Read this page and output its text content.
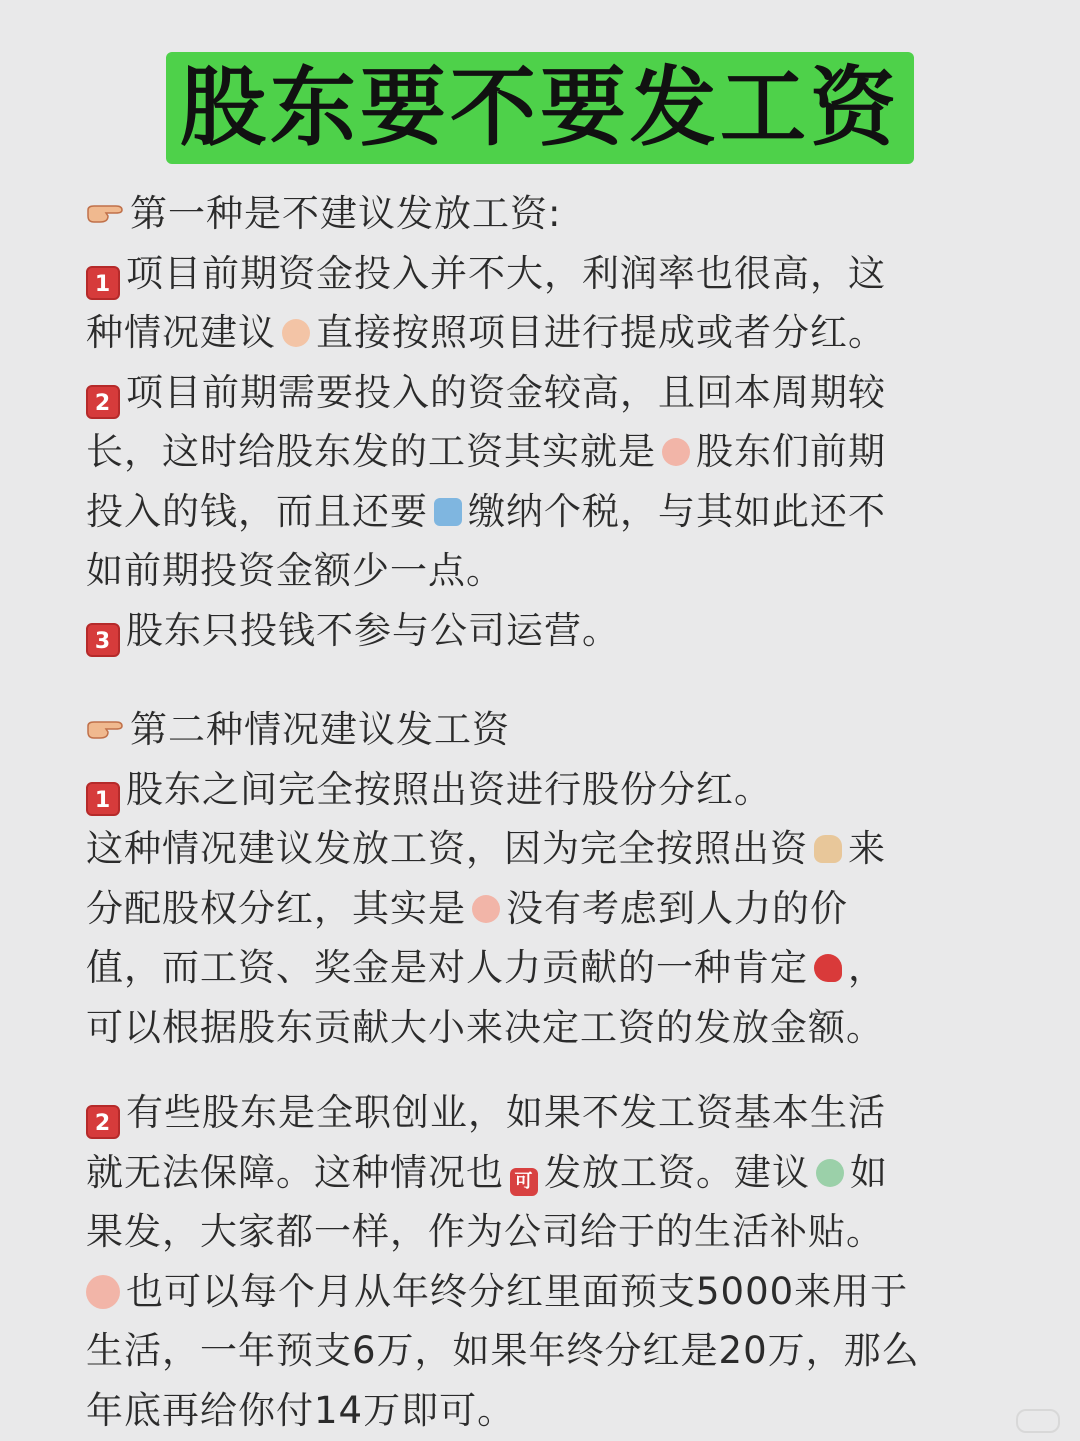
股东要不要发工资
第一种是不建议发放工资:
1 项目前期资金投入并不大，利润率也很高，这
种情况建议 直接按照项目进行提成或者分红。
2 项目前期需要投入的资金较高，且回本周期较
长，这时给股东发的工资其实就是 股东们前期
投入的钱，而且还要 缴纳个税，与其如此还不
如前期投资金额少一点。
3 股东只投钱不参与公司运营。
第二种情况建议发工资
1 股东之间完全按照出资进行股份分红。
这种情况建议发放工资，因为完全按照出资 来
分配股权分红，其实是 没有考虑到人力的价
值，而工资、奖金是对人力贡献的一种肯定 ，
可以根据股东贡献大小来决定工资的发放金额。
2 有些股东是全职创业，如果不发工资基本生活
就无法保障。这种情况也 可 发放工资。建议 如
果发，大家都一样，作为公司给于的生活补贴。
也可以每个月从年终分红里面预支5000来用于
生活，一年预支6万，如果年终分红是20万，那么
年底再给你付14万即可。
